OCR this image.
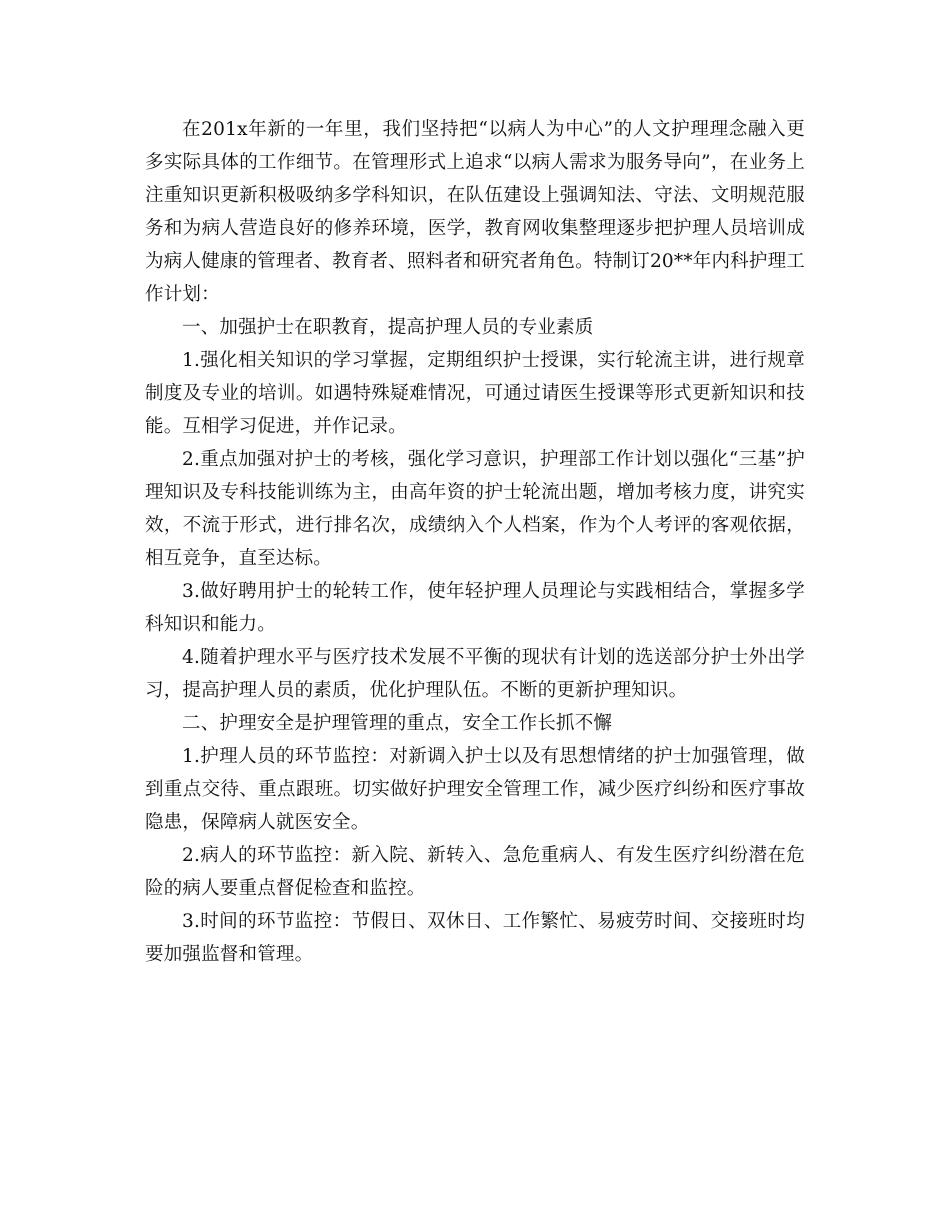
在201x年新的一年里，我们坚持把“以病人为中心”的人文护理理念融入更多实际具体的工作细节。在管理形式上追求“以病人需求为服务导向”，在业务上注重知识更新积极吸纳多学科知识，在队伍建设上强调知法、守法、文明规范服务和为病人营造良好的修养环境，医学，教育网收集整理逐步把护理人员培训成为病人健康的管理者、教育者、照料者和研究者角色。特制订20**年内科护理工作计划：

一、加强护士在职教育，提高护理人员的专业素质

1.强化相关知识的学习掌握，定期组织护士授课，实行轮流主讲，进行规章制度及专业的培训。如遇特殊疑难情况，可通过请医生授课等形式更新知识和技能。互相学习促进，并作记录。

2.重点加强对护士的考核，强化学习意识，护理部工作计划以强化“三基”护理知识及专科技能训练为主，由高年资的护士轮流出题，增加考核力度，讲究实效，不流于形式，进行排名次，成绩纳入个人档案，作为个人考评的客观依据，相互竞争，直至达标。

3.做好聘用护士的轮转工作，使年轻护理人员理论与实践相结合，掌握多学科知识和能力。

4.随着护理水平与医疗技术发展不平衡的现状有计划的选送部分护士外出学习，提高护理人员的素质，优化护理队伍。不断的更新护理知识。

二、护理安全是护理管理的重点，安全工作长抓不懈

1.护理人员的环节监控：对新调入护士以及有思想情绪的护士加强管理，做到重点交待、重点跟班。切实做好护理安全管理工作，减少医疗纠纷和医疗事故隐患，保障病人就医安全。

2.病人的环节监控：新入院、新转入、急危重病人、有发生医疗纠纷潜在危险的病人要重点督促检查和监控。

3.时间的环节监控：节假日、双休日、工作繁忙、易疲劳时间、交接班时均要加强监督和管理。
